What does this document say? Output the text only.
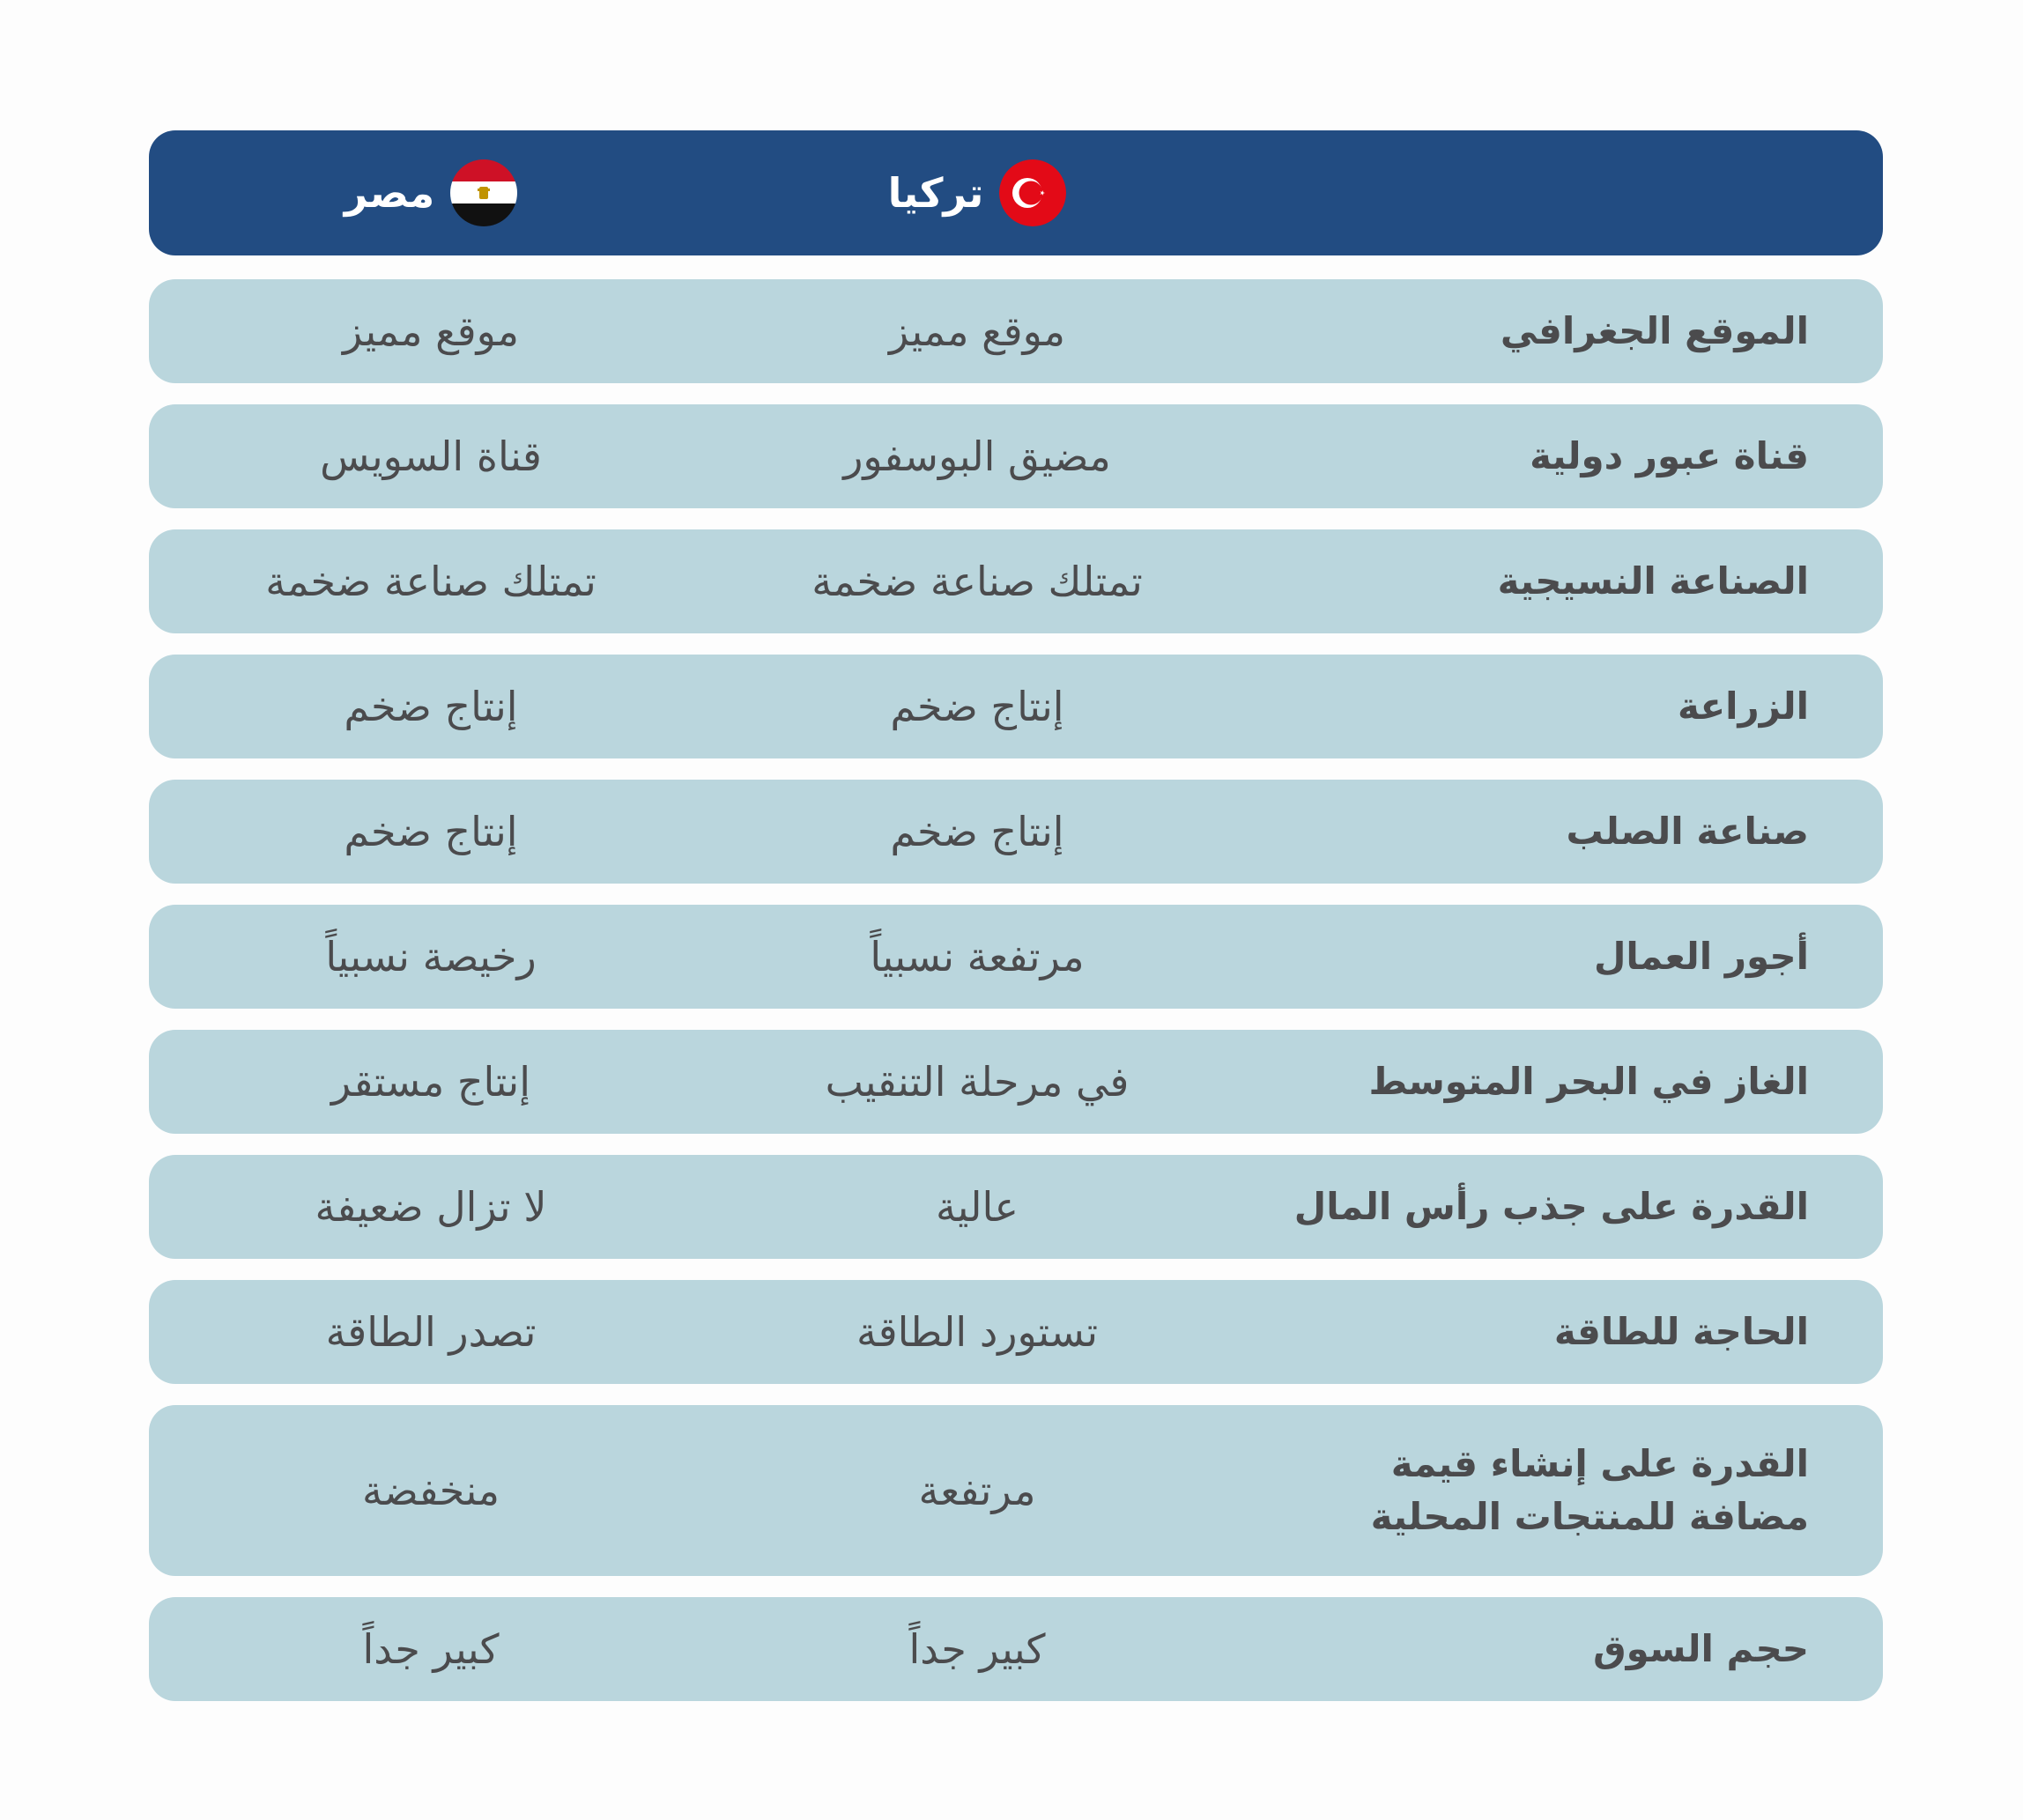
تركيا
مصر
الموقع الجغرافي
موقع مميز
موقع مميز
قناة عبور دولية
مضيق البوسفور
قناة السويس
الصناعة النسيجية
تمتلك صناعة ضخمة
تمتلك صناعة ضخمة
الزراعة
إنتاج ضخم
إنتاج ضخم
صناعة الصلب
إنتاج ضخم
إنتاج ضخم
أجور العمال
مرتفعة نسبياً
رخيصة نسبياً
الغاز في البحر المتوسط
في مرحلة التنقيب
إنتاج مستقر
القدرة على جذب رأس المال
عالية
لا تزال ضعيفة
الحاجة للطاقة
تستورد الطاقة
تصدر الطاقة
القدرة على إنشاء قيمة
مضافة للمنتجات المحلية
مرتفعة
منخفضة
حجم السوق
كبير جداً
كبير جداً
